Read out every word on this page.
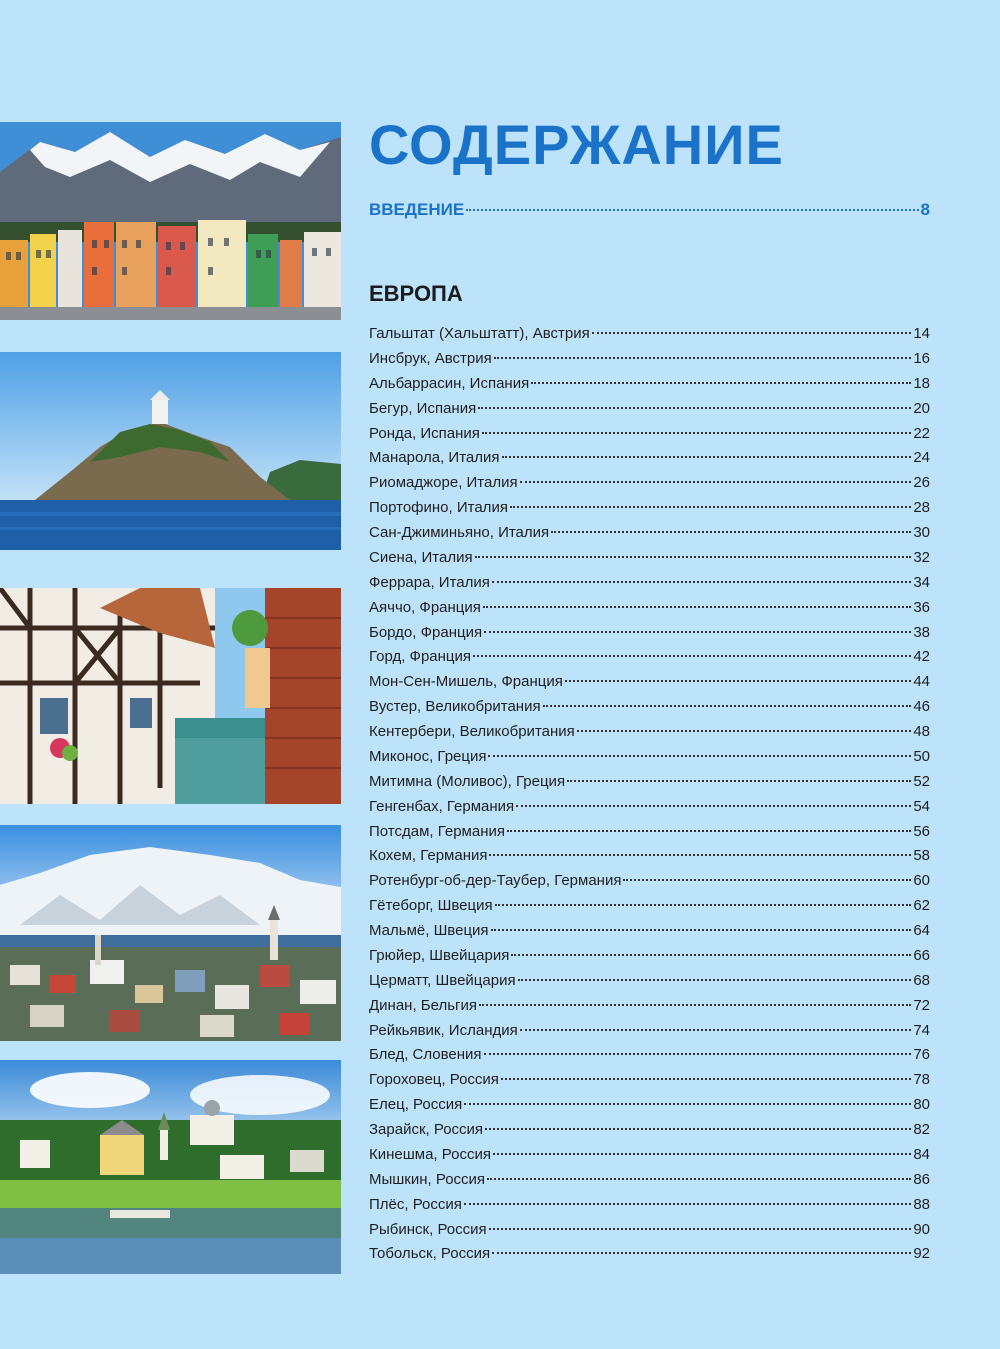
СОДЕРЖАНИЕ
ВВЕДЕНИЕ	8
ЕВРОПА
Гальштат (Хальштатт), Австрия	14
Инсбрук, Австрия	16
Альбаррасин, Испания	18
Бегур, Испания	20
Ронда, Испания	22
Манарола, Италия	24
Риомаджоре, Италия	26
Портофино, Италия	28
Сан-Джиминьяно, Италия	30
Сиена, Италия	32
Феррара, Италия	34
Аяччо, Франция	36
Бордо, Франция	38
Горд, Франция	42
Мон-Сен-Мишель, Франция	44
Вустер, Великобритания	46
Кентербери, Великобритания	48
Миконос, Греция	50
Митимна (Моливос), Греция	52
Генгенбах, Германия	54
Потсдам, Германия	56
Кохем, Германия	58
Ротенбург-об-дер-Таубер, Германия	60
Гётеборг, Швеция	62
Мальмё, Швеция	64
Грюйер, Швейцария	66
Церматт, Швейцария	68
Динан, Бельгия	72
Рейкьявик, Исландия	74
Блед, Словения	76
Гороховец, Россия	78
Елец, Россия	80
Зарайск, Россия	82
Кинешма, Россия	84
Мышкин, Россия	86
Плёс, Россия	88
Рыбинск, Россия	90
Тобольск, Россия	92
